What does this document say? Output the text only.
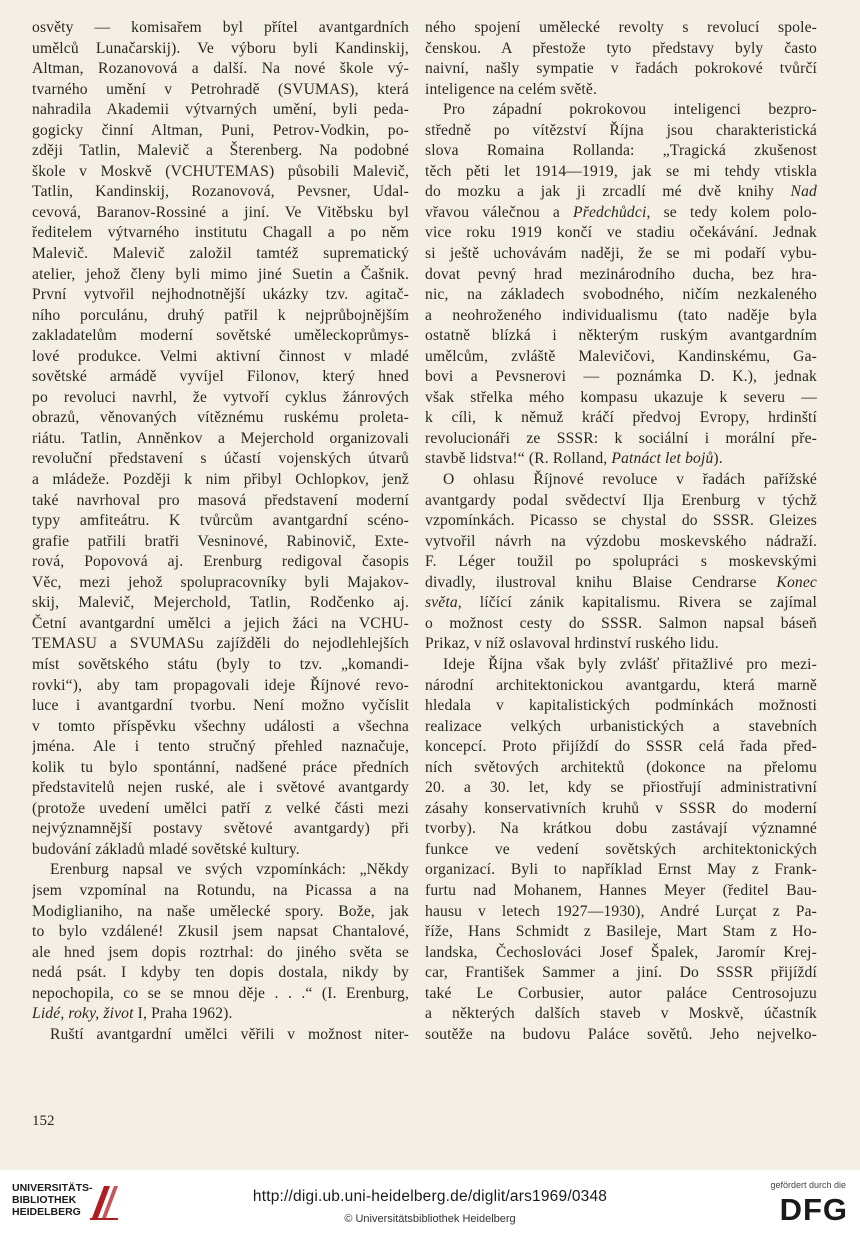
osvěty — komisařem byl přítel avantgardních
umělců Lunačarskij). Ve výboru byli Kandinskij,
Altman, Rozanovová a další. Na nové škole vý-
tvarného umění v Petrohradě (SVUMAS), která
nahradila Akademii výtvarných umění, byli peda-
gogicky činní Altman, Puni, Petrov-Vodkin, po-
zději Tatlin, Malevič a Šterenberg. Na podobné
škole v Moskvě (VCHUTEMAS) působili Malevič,
Tatlin, Kandinskij, Rozanovová, Pevsner, Udal-
cevová, Baranov-Rossiné a jiní. Ve Vitěbsku byl
ředitelem výtvarného institutu Chagall a po něm
Malevič. Malevič založil tamtéž suprematický
atelier, jehož členy byli mimo jiné Suetin a Čašnik.
První vytvořil nejhodnotnější ukázky tzv. agitač-
ního porculánu, druhý patřil k nejprůbojnějším
zakladatelům moderní sovětské uměleckoprůmys-
lové produkce. Velmi aktivní činnost v mladé
sovětské armádě vyvíjel Filonov, který hned
po revoluci navrhl, že vytvoří cyklus žánrových
obrazů, věnovaných vítěznému ruskému proleta-
riátu. Tatlin, Anněnkov a Mejerchold organizovali
revoluční představení s účastí vojenských útvarů
a mládeže. Později k nim přibyl Ochlopkov, jenž
také navrhoval pro masová představení moderní
typy amfiteátru. K tvůrcům avantgardní scéno-
grafie patřili bratři Vesninové, Rabinovič, Exte-
rová, Popovová aj. Erenburg redigoval časopis
Věc, mezi jehož spolupracovníky byli Majakov-
skij, Malevič, Mejerchold, Tatlin, Rodčenko aj.
Četní avantgardní umělci a jejich žáci na VCHU-
TEMASU a SVUMASu zajížděli do nejodlehlejších
míst sovětského státu (byly to tzv. „komandi-
rovki“), aby tam propagovali ideje Říjnové revo-
luce i avantgardní tvorbu. Není možno vyčíslit
v tomto příspěvku všechny události a všechna
jména. Ale i tento stručný přehled naznačuje,
kolik tu bylo spontánní, nadšené práce předních
představitelů nejen ruské, ale i světové avantgardy
(protože uvedení umělci patří z velké části mezi
nejvýznamnější postavy světové avantgardy) při
budování základů mladé sovětské kultury.
Erenburg napsal ve svých vzpomínkách: „Někdy
jsem vzpomínal na Rotundu, na Picassa a na
Modiglianiho, na naše umělecké spory. Bože, jak
to bylo vzdálené! Zkusil jsem napsat Chantalové,
ale hned jsem dopis roztrhal: do jiného světa se
nedá psát. I kdyby ten dopis dostala, nikdy by
nepochopila, co se se mnou děje . . .“ (I. Erenburg,
Lidé, roky, život I, Praha 1962).
Ruští avantgardní umělci věřili v možnost niter-
ného spojení umělecké revolty s revolucí spole-
čenskou. A přestože tyto představy byly často
naivní, našly sympatie v řadách pokrokové tvůrčí
inteligence na celém světě.
Pro západní pokrokovou inteligenci bezpro-
středně po vítězství Října jsou charakteristická
slova Romaina Rollanda: „Tragická zkušenost
těch pěti let 1914—1919, jak se mi tehdy vtiskla
do mozku a jak ji zrcadlí mé dvě knihy Nad
vřavou válečnou a Předchůdci, se tedy kolem polo-
vice roku 1919 končí ve stadiu očekávání. Jednak
si ještě uchovávám naději, že se mi podaří vybu-
dovat pevný hrad mezinárodního ducha, bez hra-
nic, na základech svobodného, ničím nezkaleného
a neohroženého individualismu (tato naděje byla
ostatně blízká i některým ruským avantgardním
umělcům, zvláště Malevičovi, Kandinskému, Ga-
bovi a Pevsnerovi — poznámka D. K.), jednak
však střelka mého kompasu ukazuje k severu —
k cíli, k němuž kráčí předvoj Evropy, hrdinští
revolucionáři ze SSSR: k sociální i morální pře-
stavbě lidstva!“ (R. Rolland, Patnáct let bojů).
O ohlasu Říjnové revoluce v řadách pařížské
avantgardy podal svědectví Ilja Erenburg v týchž
vzpomínkách. Picasso se chystal do SSSR. Gleizes
vytvořil návrh na výzdobu moskevského nádraží.
F. Léger toužil po spolupráci s moskevskými
divadly, ilustroval knihu Blaise Cendrarse Konec
světa, líčící zánik kapitalismu. Rivera se zajímal
o možnost cesty do SSSR. Salmon napsal báseň
Prikaz, v níž oslavoval hrdinství ruského lidu.
Ideje Října však byly zvlášť přitažlivé pro mezi-
národní architektonickou avantgardu, která marně
hledala v kapitalistických podmínkách možnosti
realizace velkých urbanistických a stavebních
koncepcí. Proto přijíždí do SSSR celá řada před-
ních světových architektů (dokonce na přelomu
20. a 30. let, kdy se přiostřují administrativní
zásahy konservativních kruhů v SSSR do moderní
tvorby). Na krátkou dobu zastávají významné
funkce ve vedení sovětských architektonických
organizací. Byli to například Ernst May z Frank-
furtu nad Mohanem, Hannes Meyer (ředitel Bau-
hausu v letech 1927—1930), André Lurçat z Pa-
říže, Hans Schmidt z Basileje, Mart Stam z Ho-
landska, Čechoslováci Josef Špalek, Jaromír Krej-
car, František Sammer a jiní. Do SSSR přijíždí
také Le Corbusier, autor paláce Centrosojuzu
a některých dalších staveb v Moskvě, účastník
soutěže na budovu Paláce sovětů. Jeho nejvelko-
152
UNIVERSITÄTS-
BIBLIOTHEK
HEIDELBERG
http://digi.ub.uni-heidelberg.de/diglit/ars1969/0348
© Universitätsbibliothek Heidelberg
gefördert durch die
DFG
